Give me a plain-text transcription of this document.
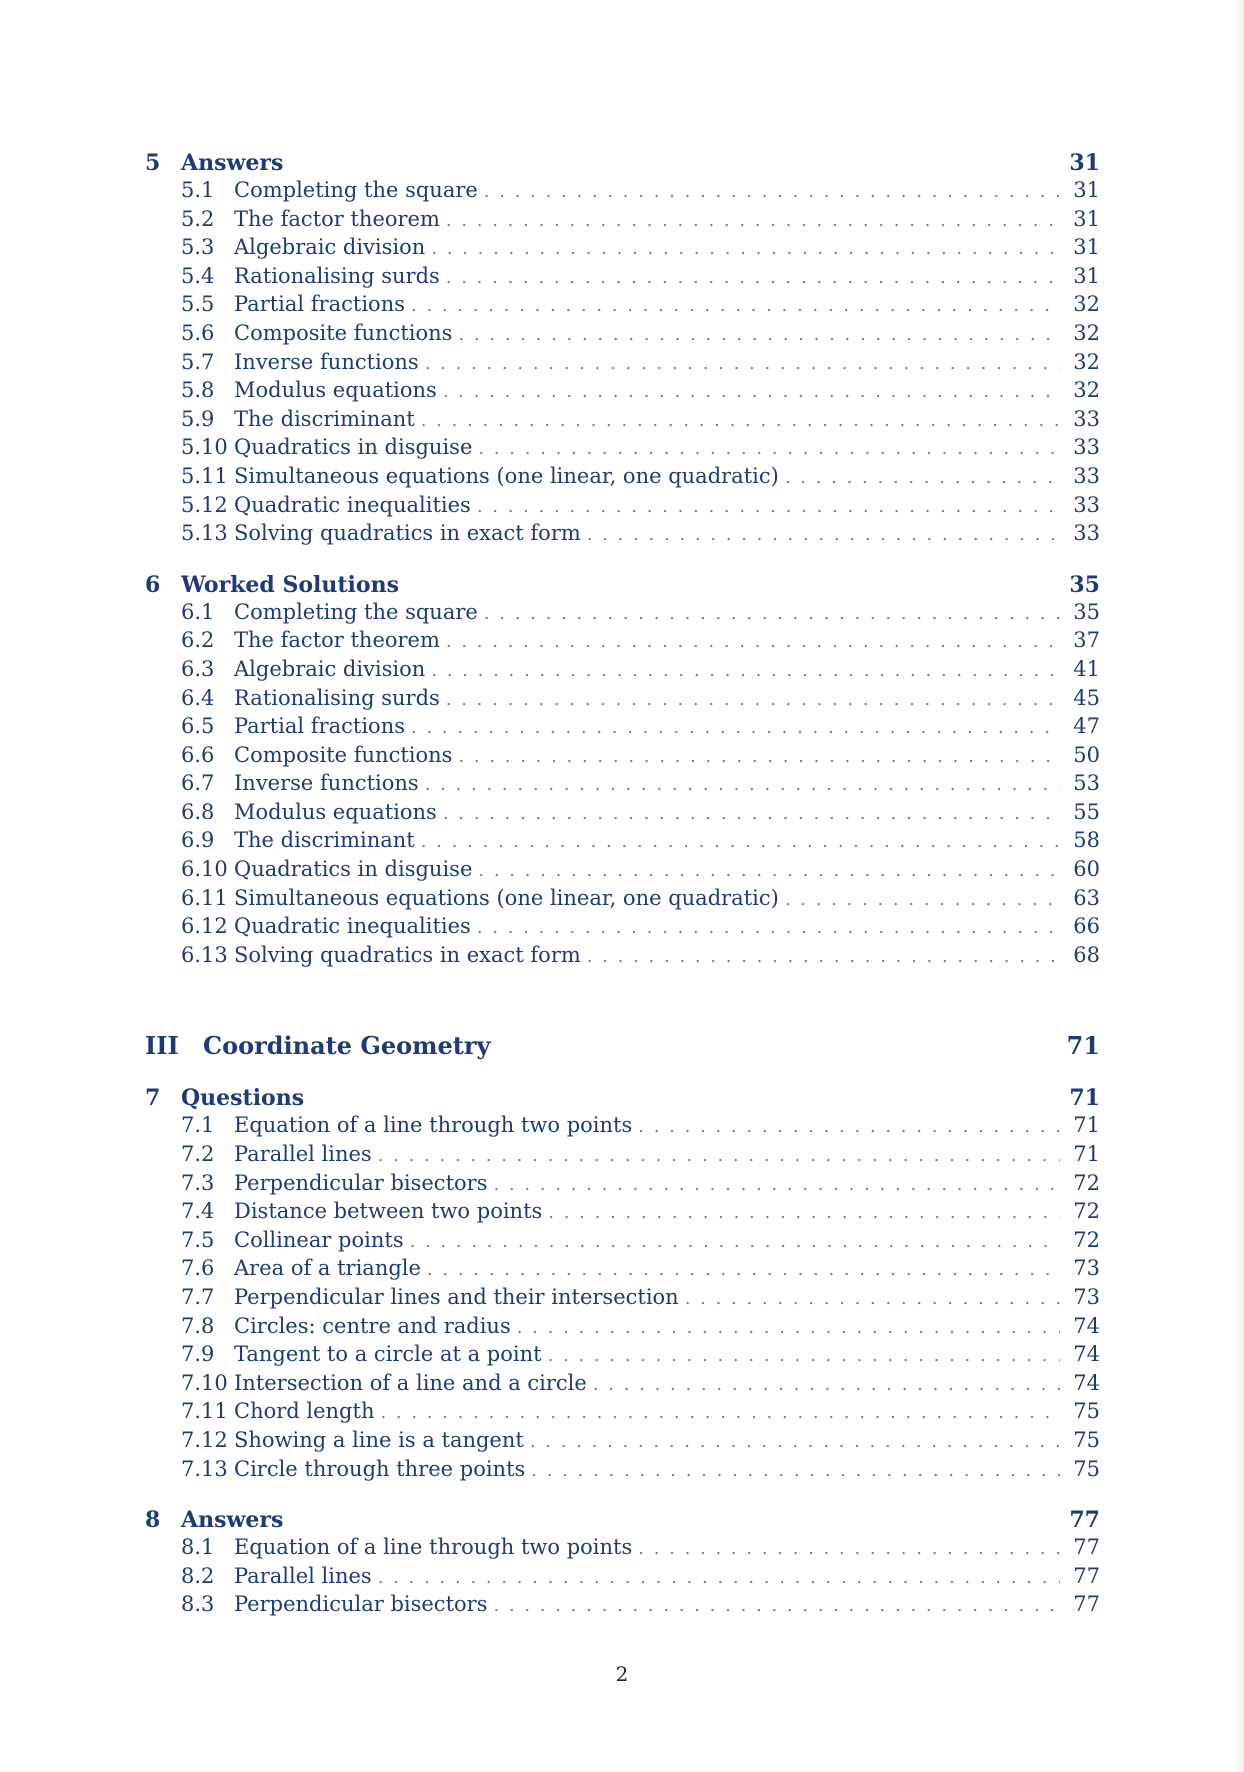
5 Answers	31
5.1 Completing the square . . .	31
5.2 The factor theorem . . .	31
5.3 Algebraic division . . .	31
5.4 Rationalising surds . . .	31
5.5 Partial fractions . . .	32
5.6 Composite functions . . .	32
5.7 Inverse functions . . .	32
5.8 Modulus equations . . .	32
5.9 The discriminant . . .	33
5.10 Quadratics in disguise . . .	33
5.11 Simultaneous equations (one linear, one quadratic) . . .	33
5.12 Quadratic inequalities . . .	33
5.13 Solving quadratics in exact form . . .	33
6 Worked Solutions	35
6.1 Completing the square . . .	35
6.2 The factor theorem . . .	37
6.3 Algebraic division . . .	41
6.4 Rationalising surds . . .	45
6.5 Partial fractions . . .	47
6.6 Composite functions . . .	50
6.7 Inverse functions . . .	53
6.8 Modulus equations . . .	55
6.9 The discriminant . . .	58
6.10 Quadratics in disguise . . .	60
6.11 Simultaneous equations (one linear, one quadratic) . . .	63
6.12 Quadratic inequalities . . .	66
6.13 Solving quadratics in exact form . . .	68
III	Coordinate Geometry	71
7 Questions	71
7.1 Equation of a line through two points . . .	71
7.2 Parallel lines . . .	71
7.3 Perpendicular bisectors . . .	72
7.4 Distance between two points . . .	72
7.5 Collinear points . . .	72
7.6 Area of a triangle . . .	73
7.7 Perpendicular lines and their intersection . . .	73
7.8 Circles: centre and radius . . .	74
7.9 Tangent to a circle at a point . . .	74
7.10 Intersection of a line and a circle . . .	74
7.11 Chord length . . .	75
7.12 Showing a line is a tangent . . .	75
7.13 Circle through three points . . .	75
8 Answers	77
8.1 Equation of a line through two points . . .	77
8.2 Parallel lines . . .	77
8.3 Perpendicular bisectors . . .	77
2
